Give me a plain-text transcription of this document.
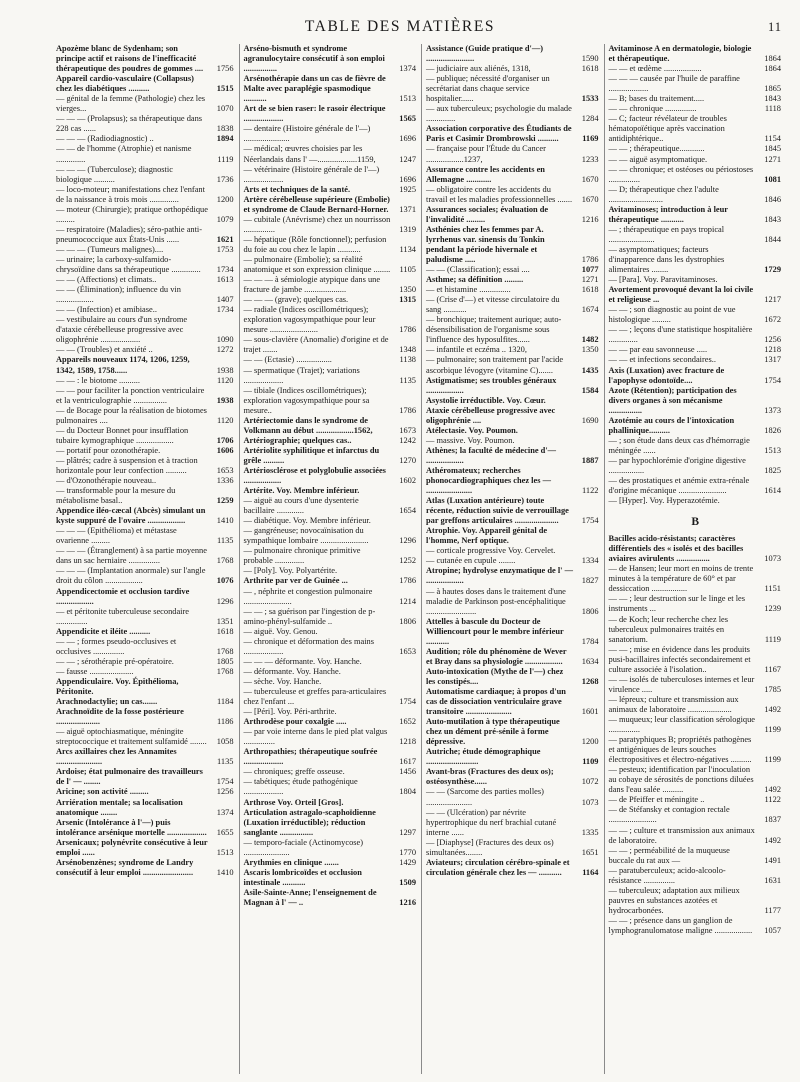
TABLE DES MATIÈRES	11
Apozème blanc de Sydenham; son principe actif et raisons de l'inefficacité thérapeutique des poudres de gommes .... 1756
Appareil cardio-vasculaire (Collapsus) chez les diabétiques ..........	1515
— génital de la femme (Pathologie) chez les vierges...	1070
— — — (Prolapsus); sa thérapeutique dans 228 cas ......	1838
— — — (Radiodiagnostic) ..	1894
— — de l'homme (Atrophie) et nanisme ..............	1119
— — — (Tuberculose); diagnostic biologique ..........	1736
— loco-moteur; manifestations chez l'enfant de la naissance à trois mois ..............	1200
— moteur (Chirurgie); pratique orthopédique .........	1079
— respiratoire (Maladies); séro-pathie anti-pneumococcique aux États-Unis ......	1621
— — — (Tumeurs malignes)....	1753
— urinaire; la carboxy-sulfamido-chrysoïdine dans sa thérapeutique .............. 1734
— — (Affections) et climats..	1613
— — (Élimination); influence du vin ..................	1407
— — (Infection) et amibiase..	1734
— vestibulaire au cours d'un syndrome d'ataxie cérébelleuse progressive avec oligophrénie ...................	1090
— — (Troubles) et anxiété ..	1272
Appareils nouveaux 1174, 1206, 1259, 1342, 1589, 1758......	1938
— — : le biotome ..........	1120
— — pour faciliter la ponction ventriculaire et la ventriculographie ................	1938
— de Bocage pour la réalisation de biotomes pulmonaires ....	1120
— du Docteur Bonnet pour insufflation tubaire kymographique ..................	1706
— portatif pour ozonothérapie.	1606
— plâtrés; cadre à suspension et à traction horizontale pour leur confection ..........	1653
— d'Ozonothérapie nouveau..	1336
— transformable pour la mesure du métabolisme basal..	1259
Appendice iléo-cæcal (Abcès) simulant un kyste suppuré de l'ovaire ..................	1410
— — — (Epithélioma) et métastase ovarienne .........	1135
— — — (Étranglement) à sa partie moyenne dans un sac herniaire ...............	1768
— — — (Implantation anormale) sur l'angle droit du côlon ..................	1076
Appendicectomie et occlusion tardive ..................	1296
— et péritonite tuberculeuse secondaire ...............	1351
Appendicite et iléite ..........	1618
— — ; formes pseudo-occlusives et occlusives ...............	1768
— — ; sérothérapie pré-opératoire.	1805
— fausse .....................	1768
Appendiculaire. Voy. Épithélioma, Péritonite.
Arachnodactylie; un cas.......	1184
Arachnoïdite de la fosse postérieure .....................	1186
— aiguë optochiasmatique, méningite streptococcique et traitement sulfamidé ........ 1058
Arcs axillaires chez les Annamites ......................	1135
Ardoise; état pulmonaire des travailleurs de l' — ........	1754
Aricine; son activité .........	1256
Arriération mentale; sa localisation anatomique ........	1374
Arsenic (Intolérance à l'—) puis intolérance arsénique mortelle ................... 1655
Arsenicaux; polynévrite consécutive à leur emploi ......	1513
Arsénobenzènes; syndrome de Landry consécutif à leur emploi ........................	1410
Arséno-bismuth et syndrome agranulocytaire consécutif à son emploi ................	1374
Arsénothérapie dans un cas de fièvre de Malte avec paraplégie spasmodique ...........	1513
Art de se bien raser: le rasoir électrique ...................	1565
— dentaire (Histoire générale de l'—) ......................	1696
— médical; œuvres choisies par les Néerlandais dans l' —...................1159,	1247
— vétérinaire (Histoire générale de l'—) ...................	1696
Arts et techniques de la santé.	1925
Artère cérébelleuse supérieure (Embolie) et syndrome de Claude Bernard-Horner. 1371
— cubitale (Anévrisme) chez un nourrisson ...............	1319
— hépatique (Rôle fonctionnel); perfusion du foie au cou chez le lapin ...........	1134
— pulmonaire (Embolie); sa réalité anatomique et son expression clinique ........ 1105
— — — à sémiologie atypique dans une fracture de jambe ....................	1350
— — — (grave); quelques cas.	1315
— radiale (Indices oscillométriques); exploration vagosympathique pour leur mesure .......................	1786
— sous-clavière (Anomalie) d'origine et de trajet .......	1348
— — (Ectasie) .................	1138
— spermatique (Trajet); variations ...................	1135
— tibiale (Indices oscillométriques); exploration vagosympathique pour sa mesure..	1786
Artériectomie dans le syndrome de Volkmann au début ..................1562,	1673
Artériographie; quelques cas..	1242
Artériolite syphilitique et infarctus du grêle ..........	1270
Artériosclérose et polyglobulie associées ..................	1602
Artérite. Voy. Membre inférieur.
— aiguë au cours d'une dysenterie bacillaire .............	1654
— diabétique. Voy. Membre inférieur.
— gangréneuse; novocaïnisation du sympathique lombaire .......................	1296
— pulmonaire chronique primitive probable ..............	1252
— [Poly]. Voy. Polyartérite.
Arthrite par ver de Guinée ...	1786
— , néphrite et congestion pulmonaire .......................	1214
— — ; sa guérison par l'ingestion de p-amino-phényl-sulfamide ..	1806
— aiguë. Voy. Genou.
— chronique et déformation des mains ...................	1653
— — — déformante. Voy. Hanche.
— déformante. Voy. Hanche.
— sèche. Voy. Hanche.
— tuberculeuse et greffes para-articulaires chez l'enfant ...	1754
— [Péri]. Voy. Péri-arthrite.
Arthrodèse pour coxalgie .....	1652
— par voie interne dans le pied plat valgus ...............	1218
Arthropathies; thérapeutique soufrée ...................	1617
— chroniques; greffe osseuse.	1456
— tabétiques; étude pathogénique ...................	1804
Arthrose Voy. Orteil [Gros].
Articulation astragalo-scaphoïdienne (Luxation irréductible); réduction sanglante ................	1297
— temporo-faciale (Actinomycose) ......................	1770
Arythmies en clinique .......	1429
Ascaris lombricoïdes et occlusion intestinale ...........	1509
Asile-Sainte-Anne; l'enseignement de Magnan à l' — ..	1216
Assistance (Guide pratique d'—) .......................	1590
— judiciaire aux aliénés, 1318,	1618
— publique; nécessité d'organiser un secrétariat dans chaque service hospitalier......	1533
— aux tuberculeux; psychologie du malade ..............	1284
Association corporative des Étudiants de Paris et Casimir Drombrowski ..........	1169
— française pour l'Étude du Cancer ..................1237,	1233
Assurance contre les accidents en Allemagne ............	1670
— obligatoire contre les accidents du travail et les maladies professionnelles ....... 1670
Assurances sociales; évaluation de l'invalidité .........	1216
Asthénies chez les femmes par A. lyrrhenus var. sinensis du Tonkin pendant la période hivernale et paludisme .....	1786
— — (Classification); essai ....	1077
Asthme; sa définition .........	1271
— et histamine ...............	1618
— (Crise d'—) et vitesse circulatoire du sang ...........	1674
— bronchique; traitement aurique; auto-désensibilisation de l'organisme sous l'influence des hyposulfites......	1482
— infantile et eczéma .. 1320,	1350
— pulmonaire; son traitement par l'acide ascorbique lévogyre (vitamine C).......	1435
Astigmatisme; ses troubles généraux ..................	1584
Asystolie irréductible. Voy. Cœur.
Ataxie cérébelleuse progressive avec oligophrénie ....	1690
Atélectasie. Voy. Poumon.
— massive. Voy. Poumon.
Athènes; la faculté de médecine d'— ..................	1887
Athéromateux; recherches phonocardiographiques chez les — ......................	1122
Atlas (Luxation antérieure) toute récente, réduction suivie de verrouillage par greffons articulaires .....................	1754
Atrophie. Voy. Appareil génital de l'homme, Nerf optique.
— corticale progressive Voy. Cervelet.
— cutanée en cupule ........	1334
Atropine; hydrolyse enzymatique de l' — ..................	1827
— à hautes doses dans le traitement d'une maladie de Parkinson post-encéphalitique ........................	1806
Attelles à bascule du Docteur de Williencourt pour le membre inférieur ...........	1784
Audition; rôle du phénomène de Wever et Bray dans sa physiologie .................. 1634
Auto-intoxication (Mythe de l'—) chez les constipés....	1268
Automatisme cardiaque; à propos d'un cas de dissociation ventriculaire grave transitoire ......................	1601
Auto-mutilation à type thérapeutique chez un dément pré-sénile à forme dépressive.	1200
Autriche; étude démographique .........................	1109
Avant-bras (Fractures des deux os); ostéosynthèse......	1072
— — (Sarcome des parties molles) ......................	1073
— — (Ulcération) par névrite hypertrophique du nerf brachial cutané interne ......	1335
— [Diaphyse] (Fractures des deux os) simultanées........	1651
Aviateurs; circulation cérébro-spinale et circulation générale chez les — ........... 1164
Avitaminose A en dermatologie, biologie et thérapeutique.	1864
— — et œdème ..................	1864
— — — causée par l'huile de paraffine ...................	1865
— B; bases du traitement.....	1843
— — chronique ...............	1118
— C; facteur révélateur de troubles hématopoïétique après vaccination antidiphtérique..	1154
— — ; thérapeutique............	1845
— — aiguë asymptomatique.	1271
— — chronique; et ostéoses ou périostoses ...............	1081
— D; thérapeutique chez l'adulte ..........................	1846
Avitaminoses; introduction à leur thérapeutique ...........	1843
— ; thérapeutique en pays tropical ......................	1844
— asymptomatiques; facteurs d'inapparence dans les dystrophies alimentaires ........	1729
— [Para]. Voy. Paravitaminoses.
Avortement provoqué devant la loi civile et religieuse ...	1217
— — ; son diagnostic au point de vue histologique .........	1672
— — ; leçons d'une statistique hospitalière ..............	1256
— — par eau savonneuse .....	1218
— — et infections secondaires..	1317
Axis (Luxation) avec fracture de l'apophyse odontoïde....	1754
Azote (Rétention); participation des divers organes à son mécanisme ................	1373
Azotémie au cours de l'intoxication phallinique..........	1826
— ; son étude dans deux cas d'hémorragie méningée ......	1513
— par hypochlorémie d'origine digestive .................	1825
— des prostatiques et anémie extra-rénale d'origine mécanique .......................	1614
— [Hyper]. Voy. Hyperazotémie.
B
Bacilles acido-résistants; caractères différentiels des « isolés et des bacilles aviaires avirulents ................	1073
— de Hansen; leur mort en moins de trente minutes à la température de 60° et par dessiccation .................	1151
— — ; leur destruction sur le linge et les instruments ...	1239
— de Koch; leur recherche chez les tuberculeux pulmonaires traités en sanatorium.	1119
— — ; mise en évidence dans les produits pusi-bacillaires infectés secondairement et culture associée à l'isolation..	1167
— — isolés de tuberculoses internes et leur virulence .....	1785
— lépreux; culture et transmission aux animaux de laboratoire .....................	1492
— muqueux; leur classification sérologique ...............	1199
— paratyphiques B; propriétés pathogènes et antigéniques de leurs souches électropositives et électro-négatives .......... 1199
— pesteux; identification par l'inoculation au cobaye de sérosités de ponctions diluées dans l'eau salée ..........	1492
— de Pfeiffer et méningite ..	1122
— de Stéfansky et contagion rectale .......................	1837
— — ; culture et transmission aux animaux de laboratoire.	1492
— — ; perméabilité de la muqueuse buccale du rat aux —	1491
— paratuberculeux; acido-alcoolo-résistance ...............	1631
— tuberculeux; adaptation aux milieux pauvres en substances azotées et hydrocarbonées.	1177
— — ; présence dans un ganglion de lymphogranulomatose maligne .................. 1057
